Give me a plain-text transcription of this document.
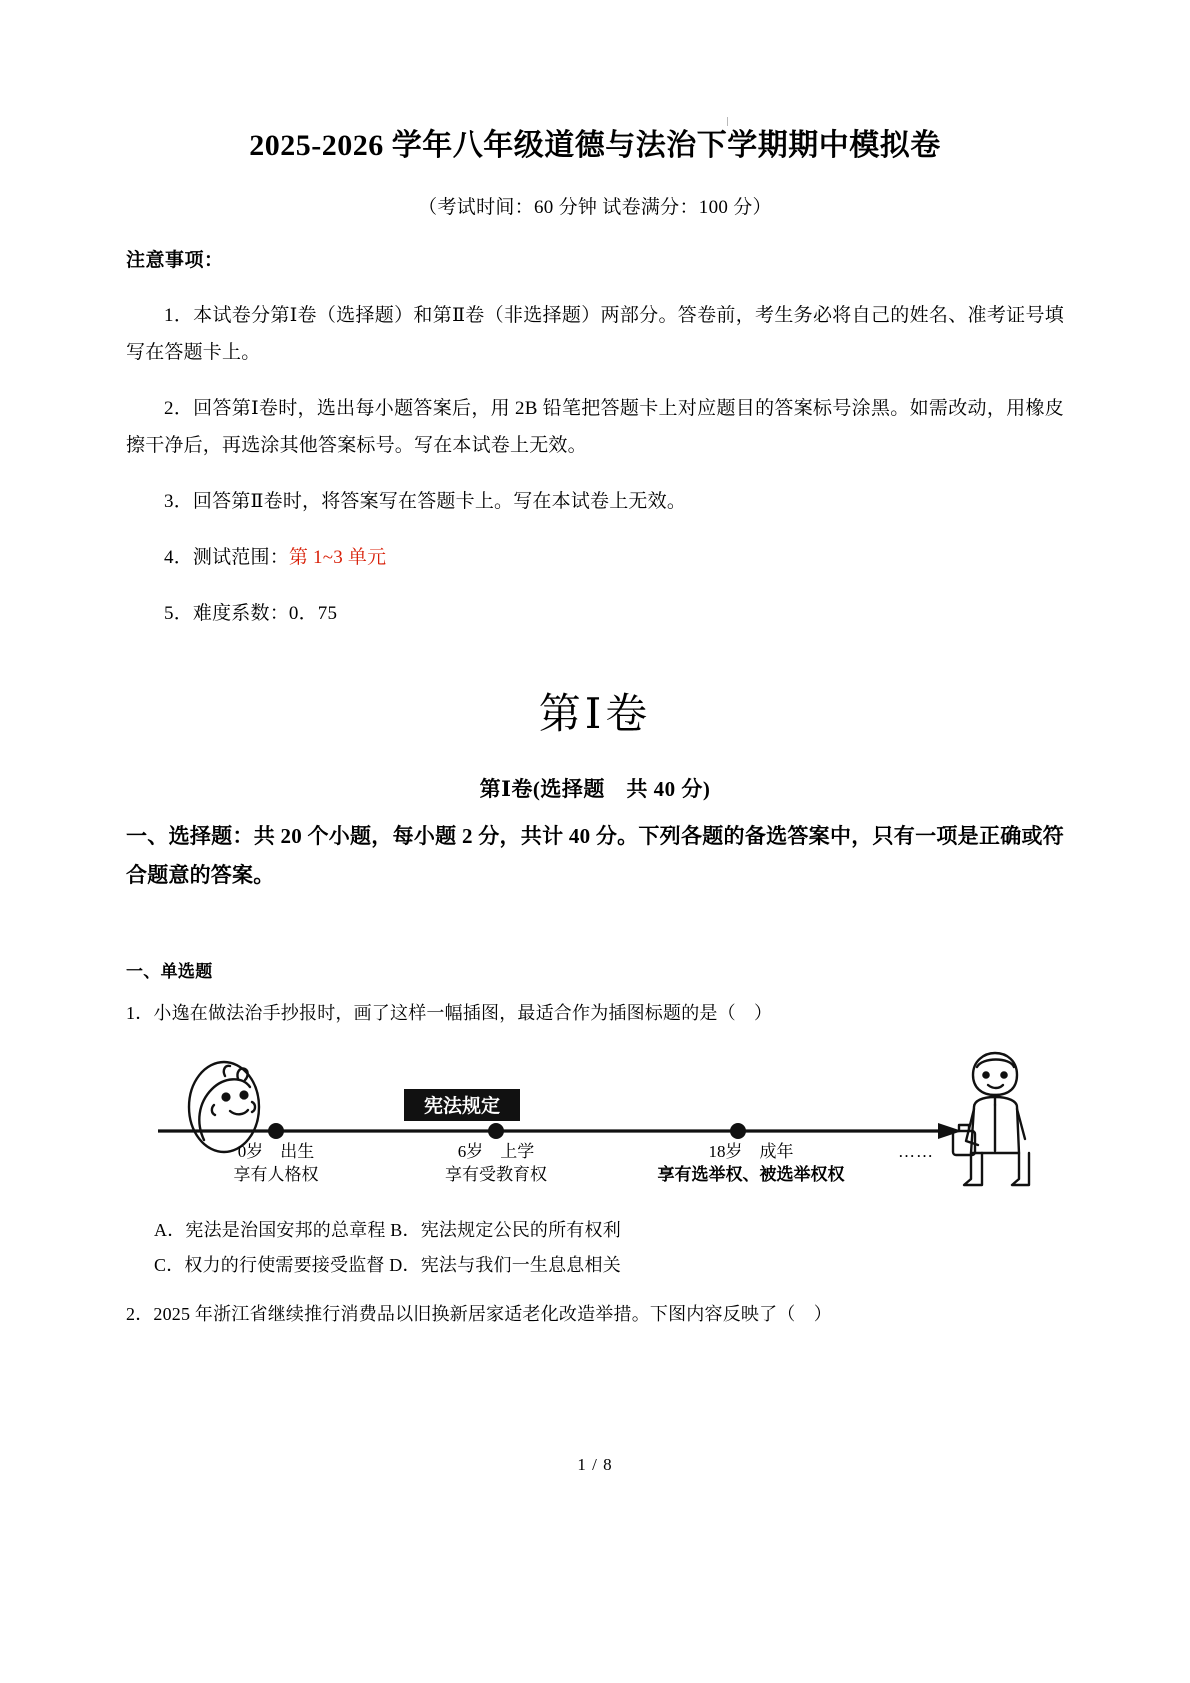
2025-2026 学年八年级道德与法治下学期期中模拟卷

（考试时间：60 分钟 试卷满分：100 分）

注意事项：

1．本试卷分第Ⅰ卷（选择题）和第Ⅱ卷（非选择题）两部分。答卷前，考生务必将自己的姓名、准考证号填写在答题卡上。

2．回答第Ⅰ卷时，选出每小题答案后，用 2B 铅笔把答题卡上对应题目的答案标号涂黑。如需改动，用橡皮擦干净后，再选涂其他答案标号。写在本试卷上无效。

3．回答第Ⅱ卷时，将答案写在答题卡上。写在本试卷上无效。

4．测试范围：第 1~3 单元

5．难度系数：0．75

第Ⅰ卷

第Ⅰ卷(选择题　共 40 分)

一、选择题：共 20 个小题，每小题 2 分，共计 40 分。下列各题的备选答案中，只有一项是正确或符合题意的答案。

一、单选题

1．小逸在做法治手抄报时，画了这样一幅插图，最适合作为插图标题的是（　）

宪法规定
0岁　出生
享有人格权
6岁　上学
享有受教育权
18岁　成年
享有选举权、被选举权权
……

A．宪法是治国安邦的总章程 B．宪法规定公民的所有权利

C．权力的行使需要接受监督 D．宪法与我们一生息息相关

2．2025 年浙江省继续推行消费品以旧换新居家适老化改造举措。下图内容反映了（　）

1 / 8
